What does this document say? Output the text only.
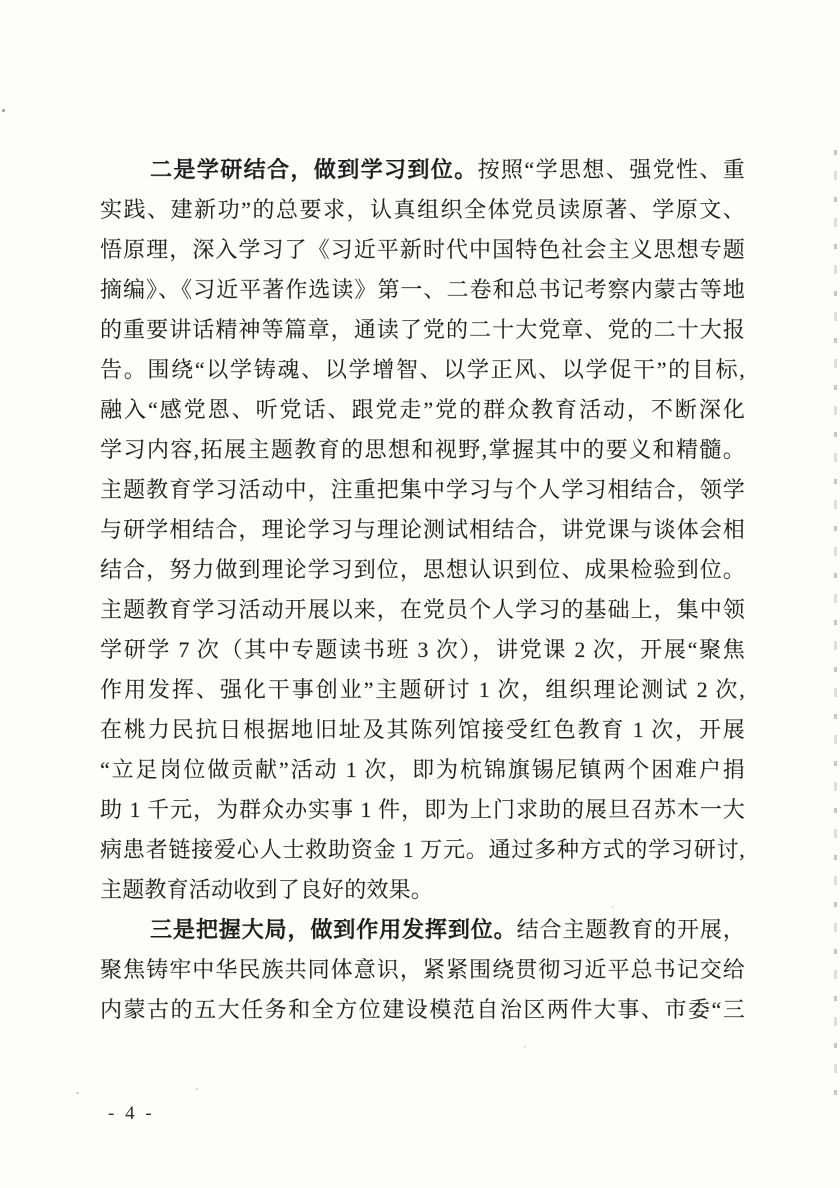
二是学研结合，做到学习到位。按照“学思想、强党性、重
实践、建新功”的总要求，认真组织全体党员读原著、学原文、
悟原理，深入学习了《习近平新时代中国特色社会主义思想专题
摘编》、《习近平著作选读》第一、二卷和总书记考察内蒙古等地
的重要讲话精神等篇章，通读了党的二十大党章、党的二十大报
告。围绕“以学铸魂、以学增智、以学正风、以学促干”的目标,
融入“感党恩、听党话、跟党走”党的群众教育活动，不断深化
学习内容,拓展主题教育的思想和视野,掌握其中的要义和精髓。
主题教育学习活动中，注重把集中学习与个人学习相结合，领学
与研学相结合，理论学习与理论测试相结合，讲党课与谈体会相
结合，努力做到理论学习到位，思想认识到位、成果检验到位。
主题教育学习活动开展以来，在党员个人学习的基础上，集中领
学研学 7 次（其中专题读书班 3 次），讲党课 2 次，开展“聚焦
作用发挥、强化干事创业”主题研讨 1 次，组织理论测试 2 次,
在桃力民抗日根据地旧址及其陈列馆接受红色教育 1 次，开展
“立足岗位做贡献”活动 1 次，即为杭锦旗锡尼镇两个困难户捐
助 1 千元，为群众办实事 1 件，即为上门求助的展旦召苏木一大
病患者链接爱心人士救助资金 1 万元。通过多种方式的学习研讨,
主题教育活动收到了良好的效果。
三是把握大局，做到作用发挥到位。结合主题教育的开展，
聚焦铸牢中华民族共同体意识，紧紧围绕贯彻习近平总书记交给
内蒙古的五大任务和全方位建设模范自治区两件大事、市委“三
- 4 -
